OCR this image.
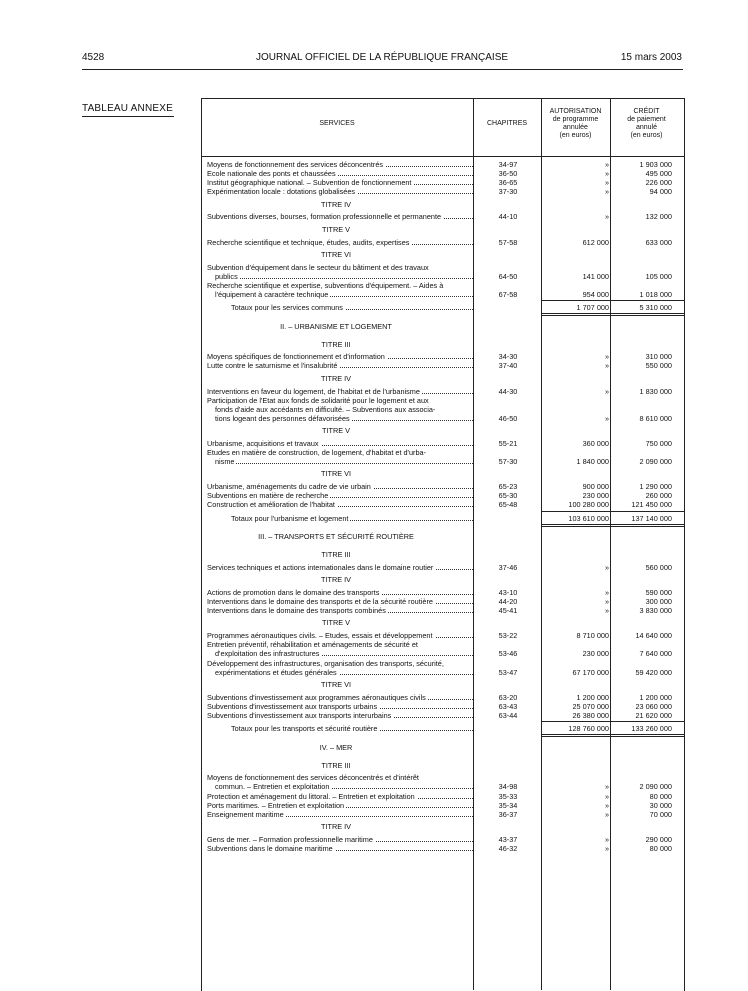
4528	JOURNAL OFFICIEL DE LA RÉPUBLIQUE FRANÇAISE	15 mars 2003
TABLEAU ANNEXE
SERVICES	CHAPITRES
AUTORISATION
de programme
annulée
(en euros)
CRÉDIT
de paiement
annulé
(en euros)
Moyens de fonctionnement des services déconcentrés	34-97	»	1 903 000
Ecole nationale des ponts et chaussées	36-50	»	495 000
Institut géographique national. – Subvention de fonctionnement	36-65	»	226 000
Expérimentation locale : dotations globalisées	37-30	»	94 000
TITRE IV
Subventions diverses, bourses, formation professionnelle et permanente	44-10	»	132 000
TITRE V
Recherche scientifique et technique, études, audits, expertises	57-58	612 000	633 000
TITRE VI
Subvention d'équipement dans le secteur du bâtiment et des travaux
publics	64-50	141 000	105 000
Recherche scientifique et expertise, subventions d'équipement. – Aides à
l'équipement à caractère technique	67-58	954 000	1 018 000
Totaux pour les services communs	1 707 000	5 310 000
II. – URBANISME ET LOGEMENT
TITRE III
Moyens spécifiques de fonctionnement et d'information	34-30	»	310 000
Lutte contre le saturnisme et l'insalubrité	37-40	»	550 000
TITRE IV
Interventions en faveur du logement, de l'habitat et de l'urbanisme	44-30	»	1 830 000
Participation de l'Etat aux fonds de solidarité pour le logement et aux
fonds d'aide aux accédants en difficulté. – Subventions aux associa-
tions logeant des personnes défavorisées	46-50	»	8 610 000
TITRE V
Urbanisme, acquisitions et travaux	55-21	360 000	750 000
Etudes en matière de construction, de logement, d'habitat et d'urba-
nisme	57-30	1 840 000	2 090 000
TITRE VI
Urbanisme, aménagements du cadre de vie urbain	65-23	900 000	1 290 000
Subventions en matière de recherche	65-30	230 000	260 000
Construction et amélioration de l'habitat	65-48	100 280 000	121 450 000
Totaux pour l'urbanisme et logement	103 610 000	137 140 000
III. – TRANSPORTS ET SÉCURITÉ ROUTIÈRE
TITRE III
Services techniques et actions internationales dans le domaine routier	37-46	»	560 000
TITRE IV
Actions de promotion dans le domaine des transports	43-10	»	590 000
Interventions dans le domaine des transports et de la sécurité routière	44-20	»	300 000
Interventions dans le domaine des transports combinés	45-41	»	3 830 000
TITRE V
Programmes aéronautiques civils. – Etudes, essais et développement	53-22	8 710 000	14 640 000
Entretien préventif, réhabilitation et aménagements de sécurité et
d'exploitation des infrastructures	53-46	230 000	7 640 000
Développement des infrastructures, organisation des transports, sécurité,
expérimentations et études générales	53-47	67 170 000	59 420 000
TITRE VI
Subventions d'investissement aux programmes aéronautiques civils	63-20	1 200 000	1 200 000
Subventions d'investissement aux transports urbains	63-43	25 070 000	23 060 000
Subventions d'investissement aux transports interurbains	63-44	26 380 000	21 620 000
Totaux pour les transports et sécurité routière	128 760 000	133 260 000
IV. – MER
TITRE III
Moyens de fonctionnement des services déconcentrés et d'intérêt
commun. – Entretien et exploitation	34-98	»	2 090 000
Protection et aménagement du littoral. – Entretien et exploitation	35-33	»	80 000
Ports maritimes. – Entretien et exploitation	35-34	»	30 000
Enseignement maritime	36-37	»	70 000
TITRE IV
Gens de mer. – Formation professionnelle maritime	43-37	»	290 000
Subventions dans le domaine maritime	46-32	»	80 000
